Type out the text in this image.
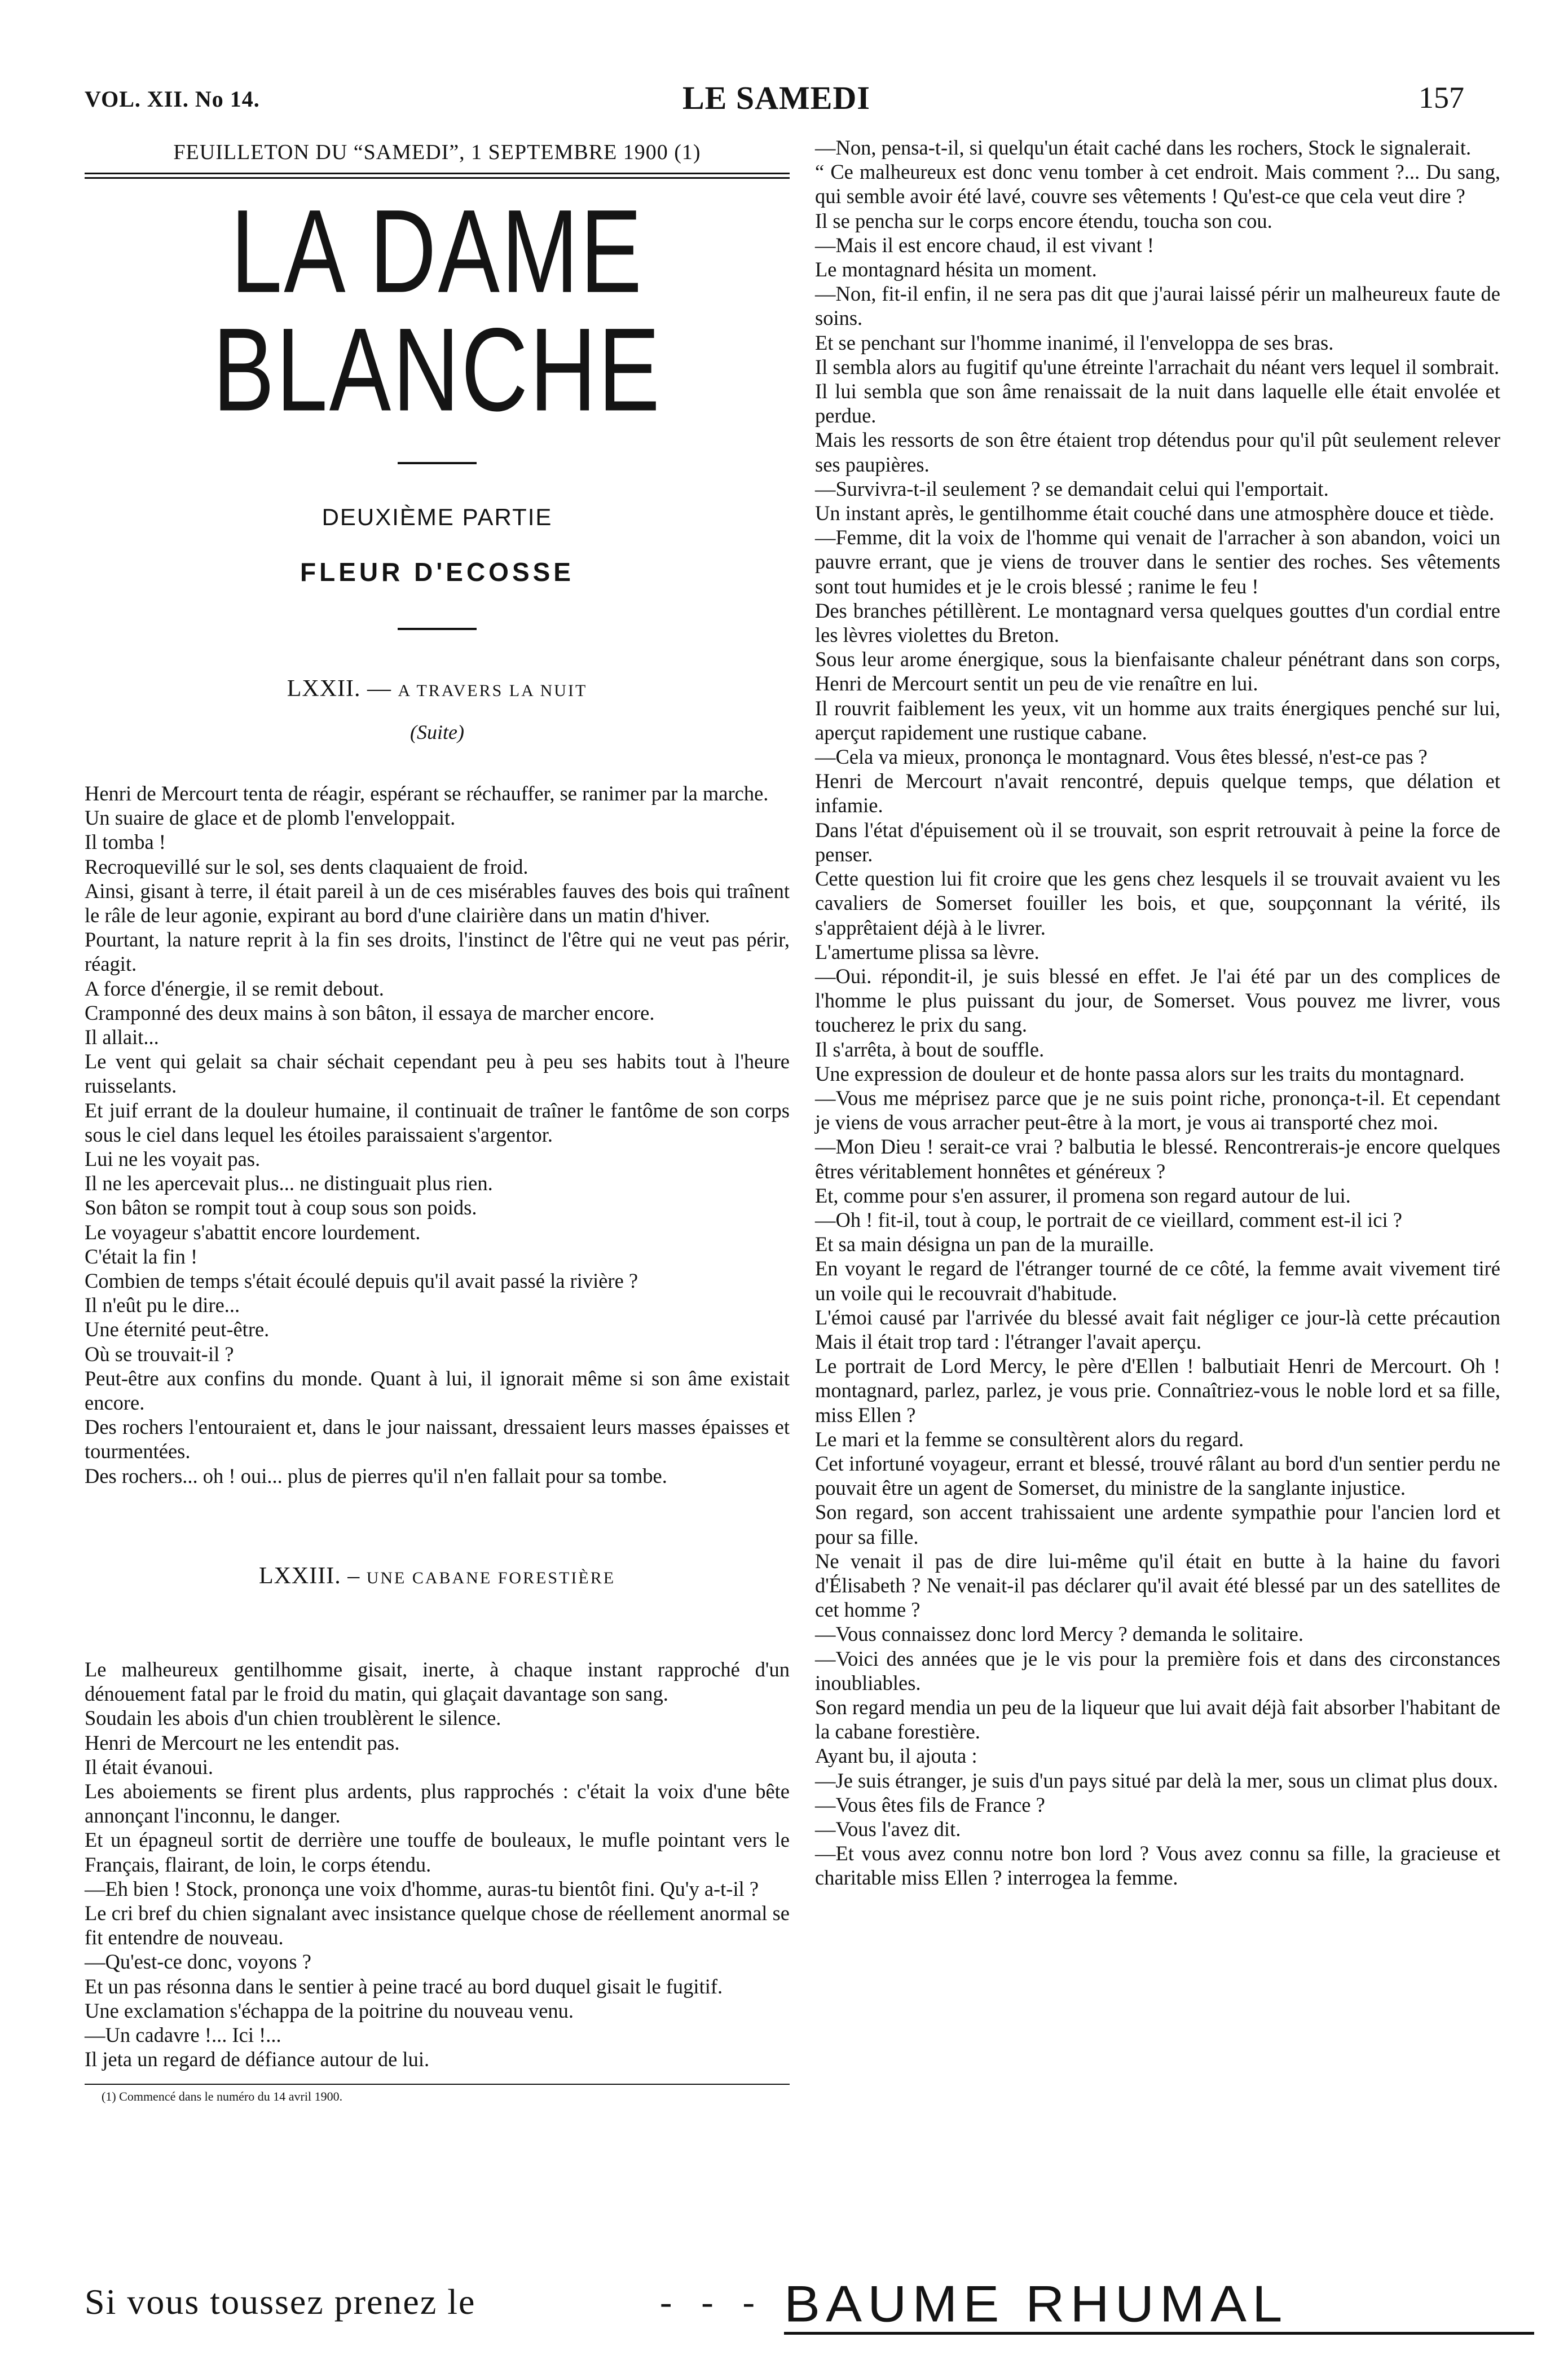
VOL. XII. No 14.	LE SAMEDI	157
FEUILLETON DU “SAMEDI”, 1 SEPTEMBRE 1900 (1)
LA DAME BLANCHE
DEUXIÈME PARTIE
FLEUR D'ECOSSE
LXXII. — A TRAVERS LA NUIT
(Suite)

Henri de Mercourt tenta de réagir, espérant se réchauffer, se ranimer par la marche.

Un suaire de glace et de plomb l'enveloppait.

Il tomba !

Recroquevillé sur le sol, ses dents claquaient de froid.

Ainsi, gisant à terre, il était pareil à un de ces misérables fauves des bois qui traînent le râle de leur agonie, expirant au bord d'une clairière dans un matin d'hiver.

Pourtant, la nature reprit à la fin ses droits, l'instinct de l'être qui ne veut pas périr, réagit.

A force d'énergie, il se remit debout.

Cramponné des deux mains à son bâton, il essaya de marcher encore.

Il allait...

Le vent qui gelait sa chair séchait cependant peu à peu ses habits tout à l'heure ruisselants.

Et juif errant de la douleur humaine, il continuait de traîner le fantôme de son corps sous le ciel dans lequel les étoiles paraissaient s'argentor.

Lui ne les voyait pas.

Il ne les apercevait plus... ne distinguait plus rien.

Son bâton se rompit tout à coup sous son poids.

Le voyageur s'abattit encore lourdement.

C'était la fin !

Combien de temps s'était écoulé depuis qu'il avait passé la rivière ?

Il n'eût pu le dire...

Une éternité peut-être.

Où se trouvait-il ?

Peut-être aux confins du monde. Quant à lui, il ignorait même si son âme existait encore.

Des rochers l'entouraient et, dans le jour naissant, dressaient leurs masses épaisses et tourmentées.

Des rochers... oh ! oui... plus de pierres qu'il n'en fallait pour sa tombe.

LXXIII. – UNE CABANE FORESTIÈRE

Le malheureux gentilhomme gisait, inerte, à chaque instant rapproché d'un dénouement fatal par le froid du matin, qui glaçait davantage son sang.

Soudain les abois d'un chien troublèrent le silence.

Henri de Mercourt ne les entendit pas.

Il était évanoui.

Les aboiements se firent plus ardents, plus rapprochés : c'était la voix d'une bête annonçant l'inconnu, le danger.

Et un épagneul sortit de derrière une touffe de bouleaux, le mufle pointant vers le Français, flairant, de loin, le corps étendu.

—Eh bien ! Stock, prononça une voix d'homme, auras-tu bientôt fini. Qu'y a-t-il ?

Le cri bref du chien signalant avec insistance quelque chose de réellement anormal se fit entendre de nouveau.

—Qu'est-ce donc, voyons ?

Et un pas résonna dans le sentier à peine tracé au bord duquel gisait le fugitif.

Une exclamation s'échappa de la poitrine du nouveau venu.

—Un cadavre !... Ici !...

Il jeta un regard de défiance autour de lui.

(1) Commencé dans le numéro du 14 avril 1900.

—Non, pensa-t-il, si quelqu'un était caché dans les rochers, Stock le signalerait.

“ Ce malheureux est donc venu tomber à cet endroit. Mais comment ?... Du sang, qui semble avoir été lavé, couvre ses vêtements ! Qu'est-ce que cela veut dire ?

Il se pencha sur le corps encore étendu, toucha son cou.

—Mais il est encore chaud, il est vivant !

Le montagnard hésita un moment.

—Non, fit-il enfin, il ne sera pas dit que j'aurai laissé périr un malheureux faute de soins.

Et se penchant sur l'homme inanimé, il l'enveloppa de ses bras.

Il sembla alors au fugitif qu'une étreinte l'arrachait du néant vers lequel il sombrait.

Il lui sembla que son âme renaissait de la nuit dans laquelle elle était envolée et perdue.

Mais les ressorts de son être étaient trop détendus pour qu'il pût seulement relever ses paupières.

—Survivra-t-il seulement ? se demandait celui qui l'emportait.

Un instant après, le gentilhomme était couché dans une atmosphère douce et tiède.

—Femme, dit la voix de l'homme qui venait de l'arracher à son abandon, voici un pauvre errant, que je viens de trouver dans le sentier des roches. Ses vêtements sont tout humides et je le crois blessé ; ranime le feu !

Des branches pétillèrent. Le montagnard versa quelques gouttes d'un cordial entre les lèvres violettes du Breton.

Sous leur arome énergique, sous la bienfaisante chaleur pénétrant dans son corps, Henri de Mercourt sentit un peu de vie renaître en lui.

Il rouvrit faiblement les yeux, vit un homme aux traits énergiques penché sur lui, aperçut rapidement une rustique cabane.

—Cela va mieux, prononça le montagnard. Vous êtes blessé, n'est-ce pas ?

Henri de Mercourt n'avait rencontré, depuis quelque temps, que délation et infamie.

Dans l'état d'épuisement où il se trouvait, son esprit retrouvait à peine la force de penser.

Cette question lui fit croire que les gens chez lesquels il se trouvait avaient vu les cavaliers de Somerset fouiller les bois, et que, soupçonnant la vérité, ils s'apprêtaient déjà à le livrer.

L'amertume plissa sa lèvre.

—Oui. répondit-il, je suis blessé en effet. Je l'ai été par un des complices de l'homme le plus puissant du jour, de Somerset. Vous pouvez me livrer, vous toucherez le prix du sang.

Il s'arrêta, à bout de souffle.

Une expression de douleur et de honte passa alors sur les traits du montagnard.

—Vous me méprisez parce que je ne suis point riche, prononça-t-il. Et cependant je viens de vous arracher peut-être à la mort, je vous ai transporté chez moi.

—Mon Dieu ! serait-ce vrai ? balbutia le blessé. Rencontrerais-je encore quelques êtres véritablement honnêtes et généreux ?

Et, comme pour s'en assurer, il promena son regard autour de lui.

—Oh ! fit-il, tout à coup, le portrait de ce vieillard, comment est-il ici ?

Et sa main désigna un pan de la muraille.

En voyant le regard de l'étranger tourné de ce côté, la femme avait vivement tiré un voile qui le recouvrait d'habitude.

L'émoi causé par l'arrivée du blessé avait fait négliger ce jour-là cette précaution Mais il était trop tard : l'étranger l'avait aperçu.

Le portrait de Lord Mercy, le père d'Ellen ! balbutiait Henri de Mercourt. Oh ! montagnard, parlez, parlez, je vous prie. Connaîtriez-vous le noble lord et sa fille, miss Ellen ?

Le mari et la femme se consultèrent alors du regard.

Cet infortuné voyageur, errant et blessé, trouvé râlant au bord d'un sentier perdu ne pouvait être un agent de Somerset, du ministre de la sanglante injustice.

Son regard, son accent trahissaient une ardente sympathie pour l'ancien lord et pour sa fille.

Ne venait il pas de dire lui-même qu'il était en butte à la haine du favori d'Élisabeth ? Ne venait-il pas déclarer qu'il avait été blessé par un des satellites de cet homme ?

—Vous connaissez donc lord Mercy ? demanda le solitaire.

—Voici des années que je le vis pour la première fois et dans des circonstances inoubliables.

Son regard mendia un peu de la liqueur que lui avait déjà fait absorber l'habitant de la cabane forestière.

Ayant bu, il ajouta :

—Je suis étranger, je suis d'un pays situé par delà la mer, sous un climat plus doux.

—Vous êtes fils de France ?

—Vous l'avez dit.

—Et vous avez connu notre bon lord ? Vous avez connu sa fille, la gracieuse et charitable miss Ellen ? interrogea la femme.

Si vous toussez prenez le	- - - BAUME RHUMAL
